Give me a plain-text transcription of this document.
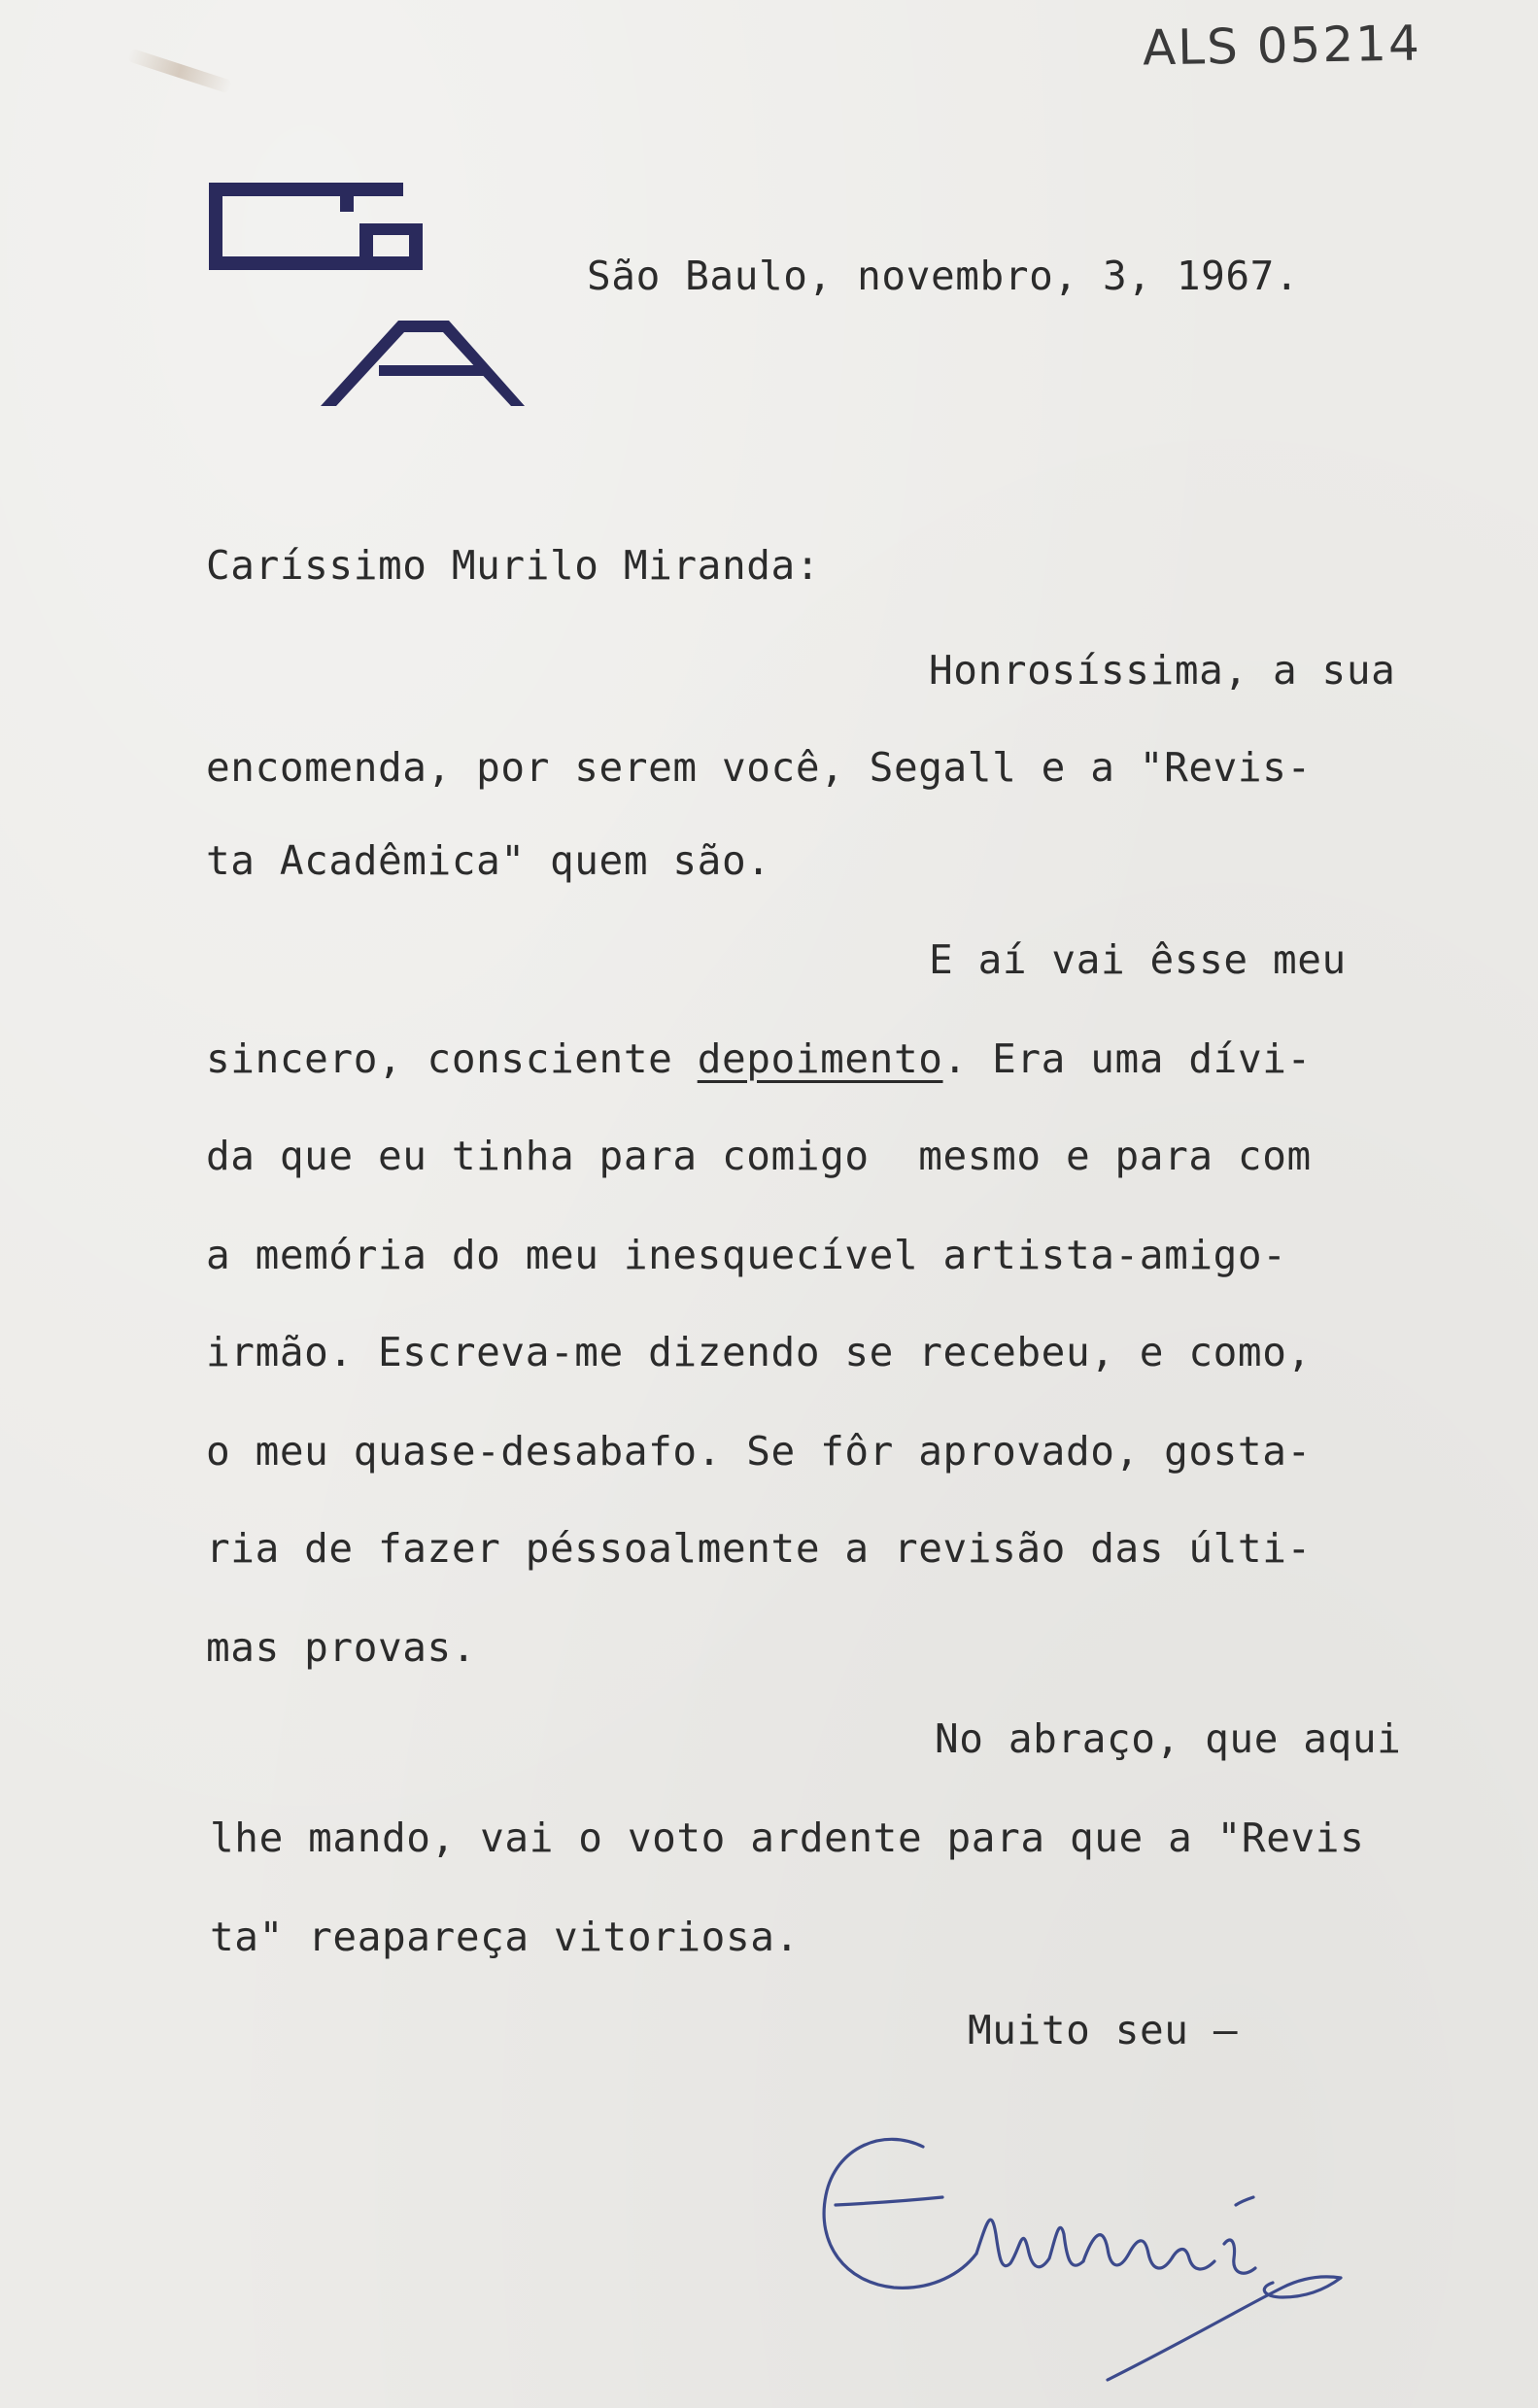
ALS 05214
São Baulo, novembro, 3, 1967.
Caríssimo Murilo Miranda:
Honrosíssima, a sua
encomenda, por serem você, Segall e a "Revis-
ta Acadêmica" quem são.
E aí vai êsse meu
sincero, consciente depoimento. Era uma dívi-
da que eu tinha para comigo  mesmo e para com
a memória do meu inesquecível artista-amigo-
irmão. Escreva-me dizendo se recebeu, e como,
o meu quase-desabafo. Se fôr aprovado, gosta-
ria de fazer péssoalmente a revisão das últi-
mas provas.
No abraço, que aqui
lhe mando, vai o voto ardente para que a "Revis
ta" reapareça vitoriosa.
Muito seu —
